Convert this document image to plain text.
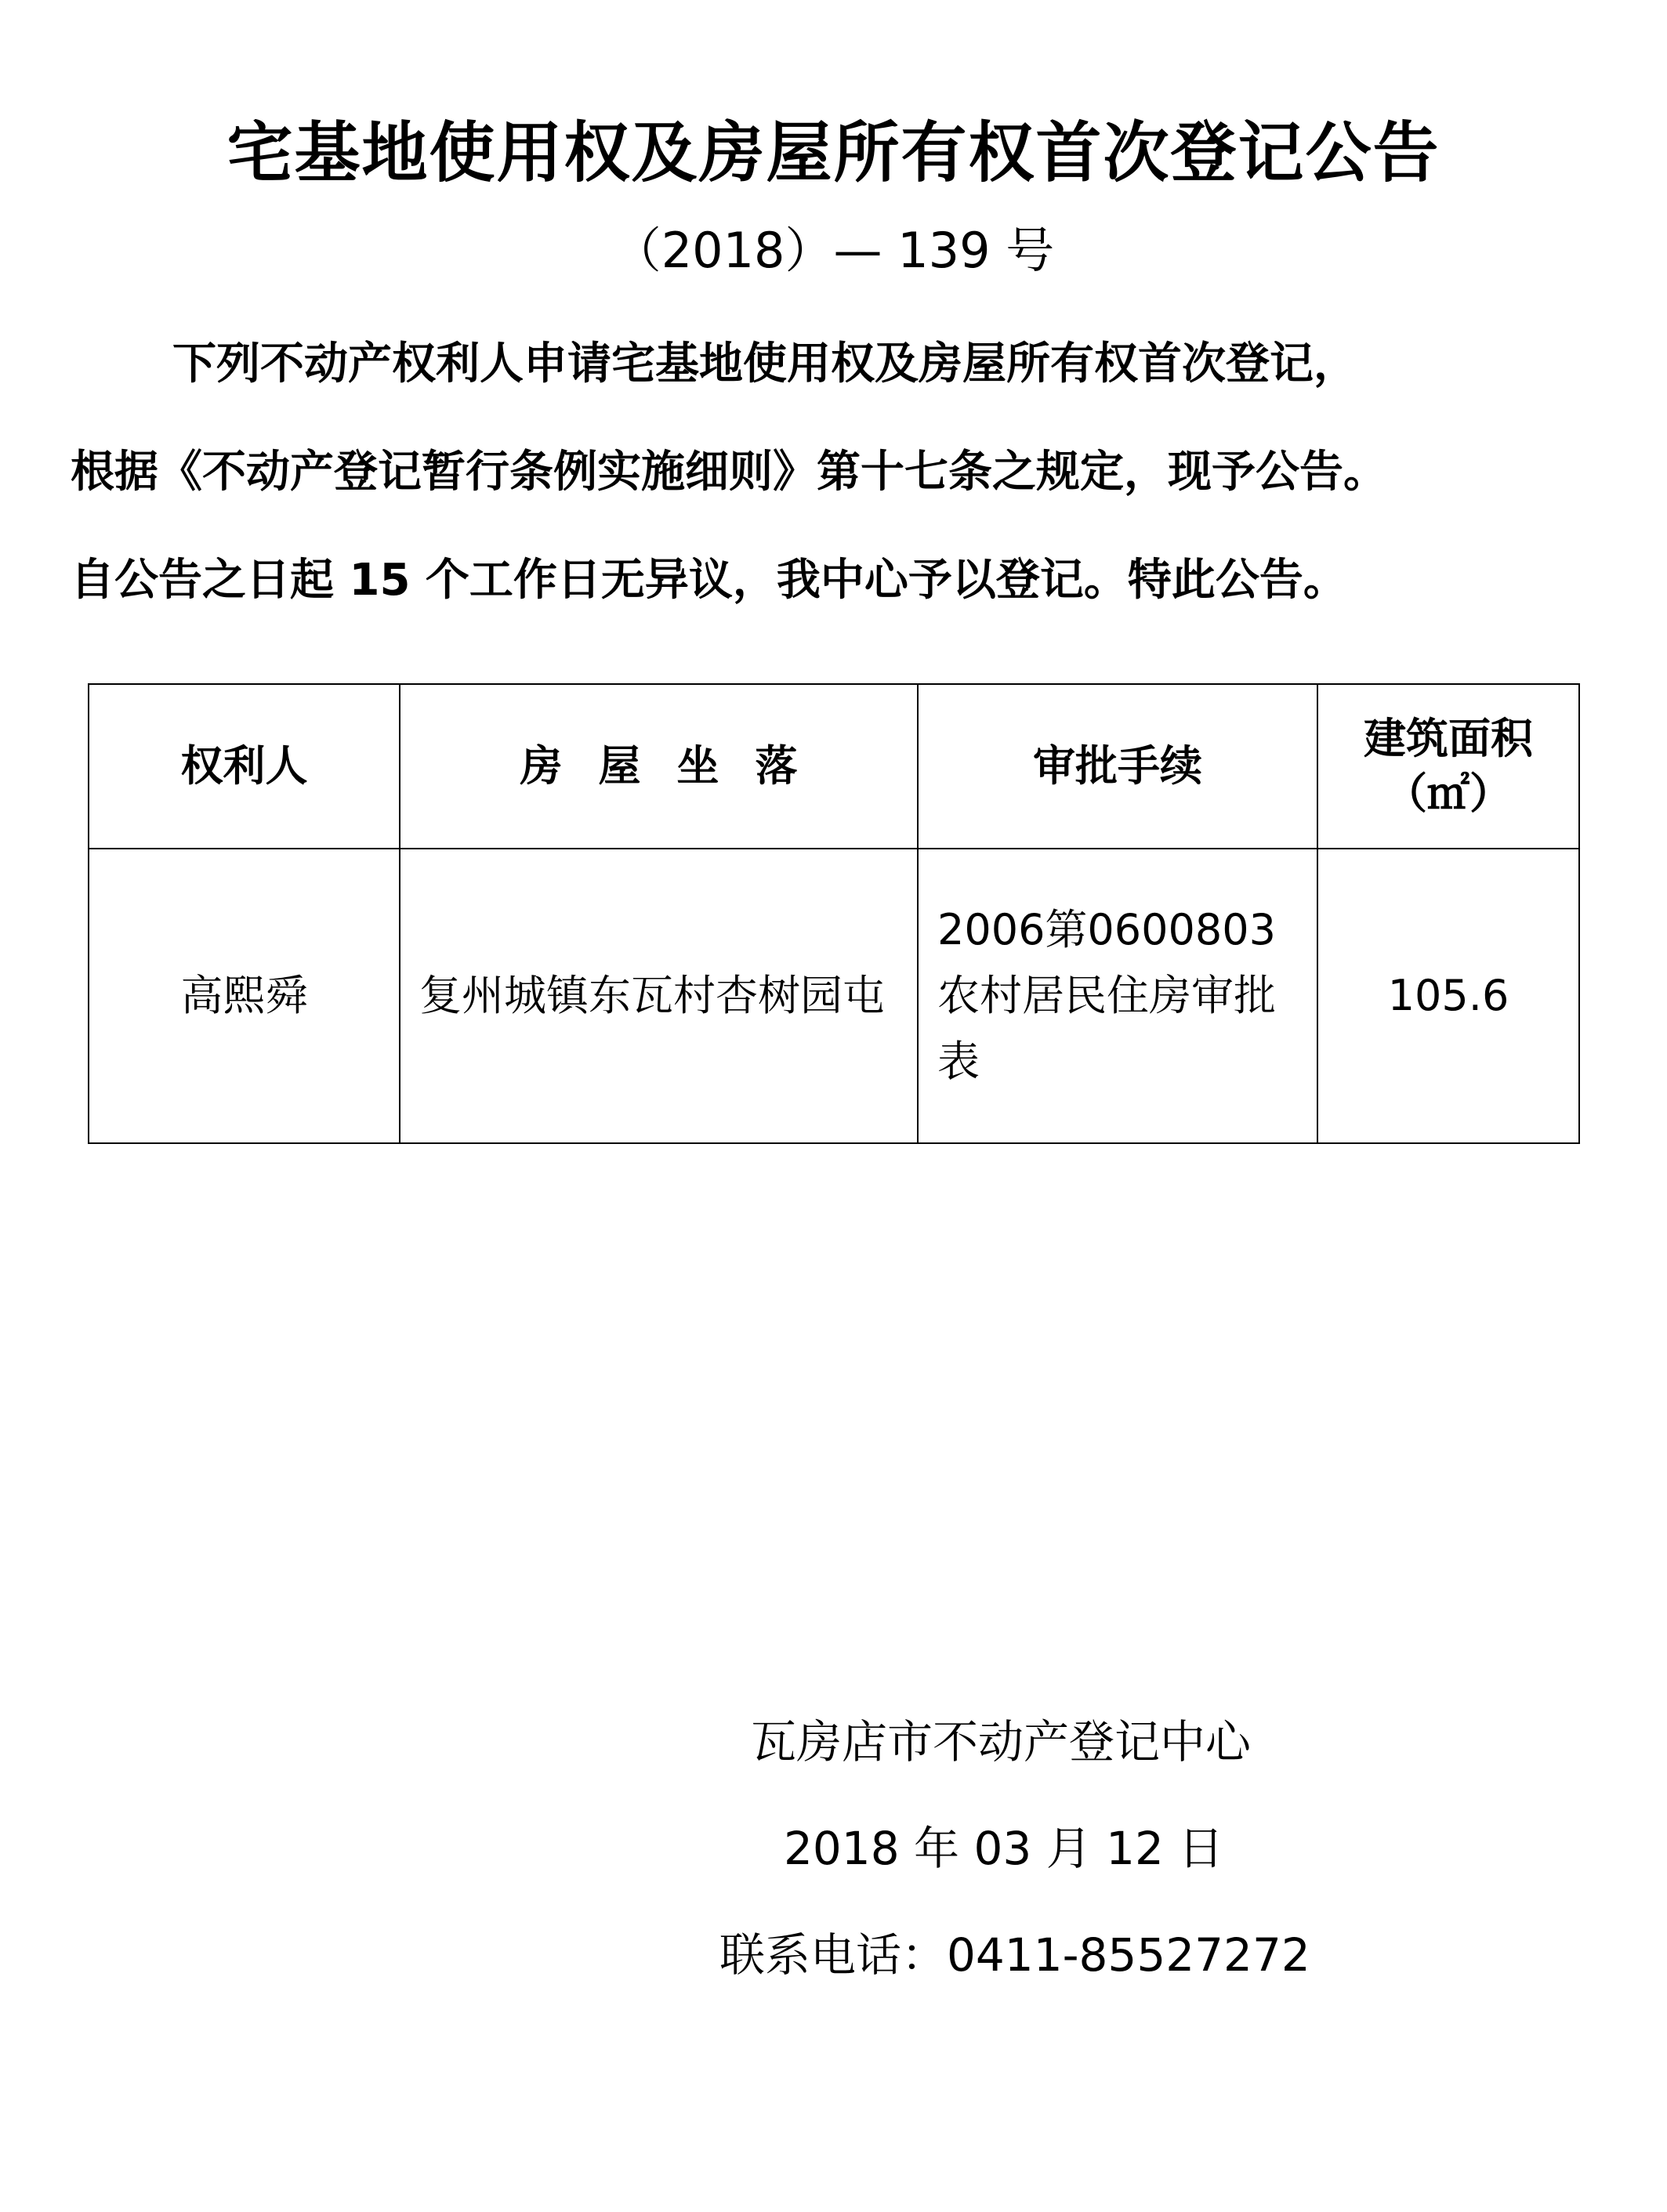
宅基地使用权及房屋所有权首次登记公告
（2018）— 139 号
下列不动产权利人申请宅基地使用权及房屋所有权首次登记，
根据《不动产登记暂行条例实施细则》第十七条之规定，现予公告。
自公告之日起 15 个工作日无异议，我中心予以登记。特此公告。
权利人	房屋坐落	审批手续	建筑面积
（㎡）

高熙舜	复州城镇东瓦村杏树园屯	2006第0600803农村居民住房审批表	105.6
瓦房店市不动产登记中心
2018 年 03 月 12 日
联系电话：0411-85527272
